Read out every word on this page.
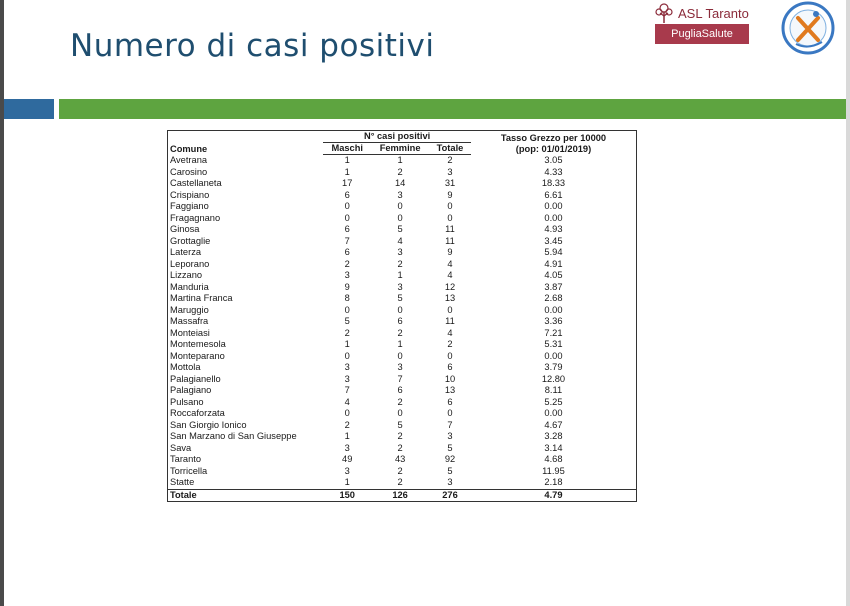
Numero di casi positivi
ASL Taranto
PugliaSalute
Comune	N° casi positivi			Tasso Grezzo per 10000
(pop: 01/01/2019)
	Maschi	Femmine	Totale	
Avetrana	1	1	2	3.05
Carosino	1	2	3	4.33
Castellaneta	17	14	31	18.33
Crispiano	6	3	9	6.61
Faggiano	0	0	0	0.00
Fragagnano	0	0	0	0.00
Ginosa	6	5	11	4.93
Grottaglie	7	4	11	3.45
Laterza	6	3	9	5.94
Leporano	2	2	4	4.91
Lizzano	3	1	4	4.05
Manduria	9	3	12	3.87
Martina Franca	8	5	13	2.68
Maruggio	0	0	0	0.00
Massafra	5	6	11	3.36
Monteiasi	2	2	4	7.21
Montemesola	1	1	2	5.31
Monteparano	0	0	0	0.00
Mottola	3	3	6	3.79
Palagianello	3	7	10	12.80
Palagiano	7	6	13	8.11
Pulsano	4	2	6	5.25
Roccaforzata	0	0	0	0.00
San Giorgio Ionico	2	5	7	4.67
San Marzano di San Giuseppe	1	2	3	3.28
Sava	3	2	5	3.14
Taranto	49	43	92	4.68
Torricella	3	2	5	11.95
Statte	1	2	3	2.18
Totale	150	126	276	4.79
